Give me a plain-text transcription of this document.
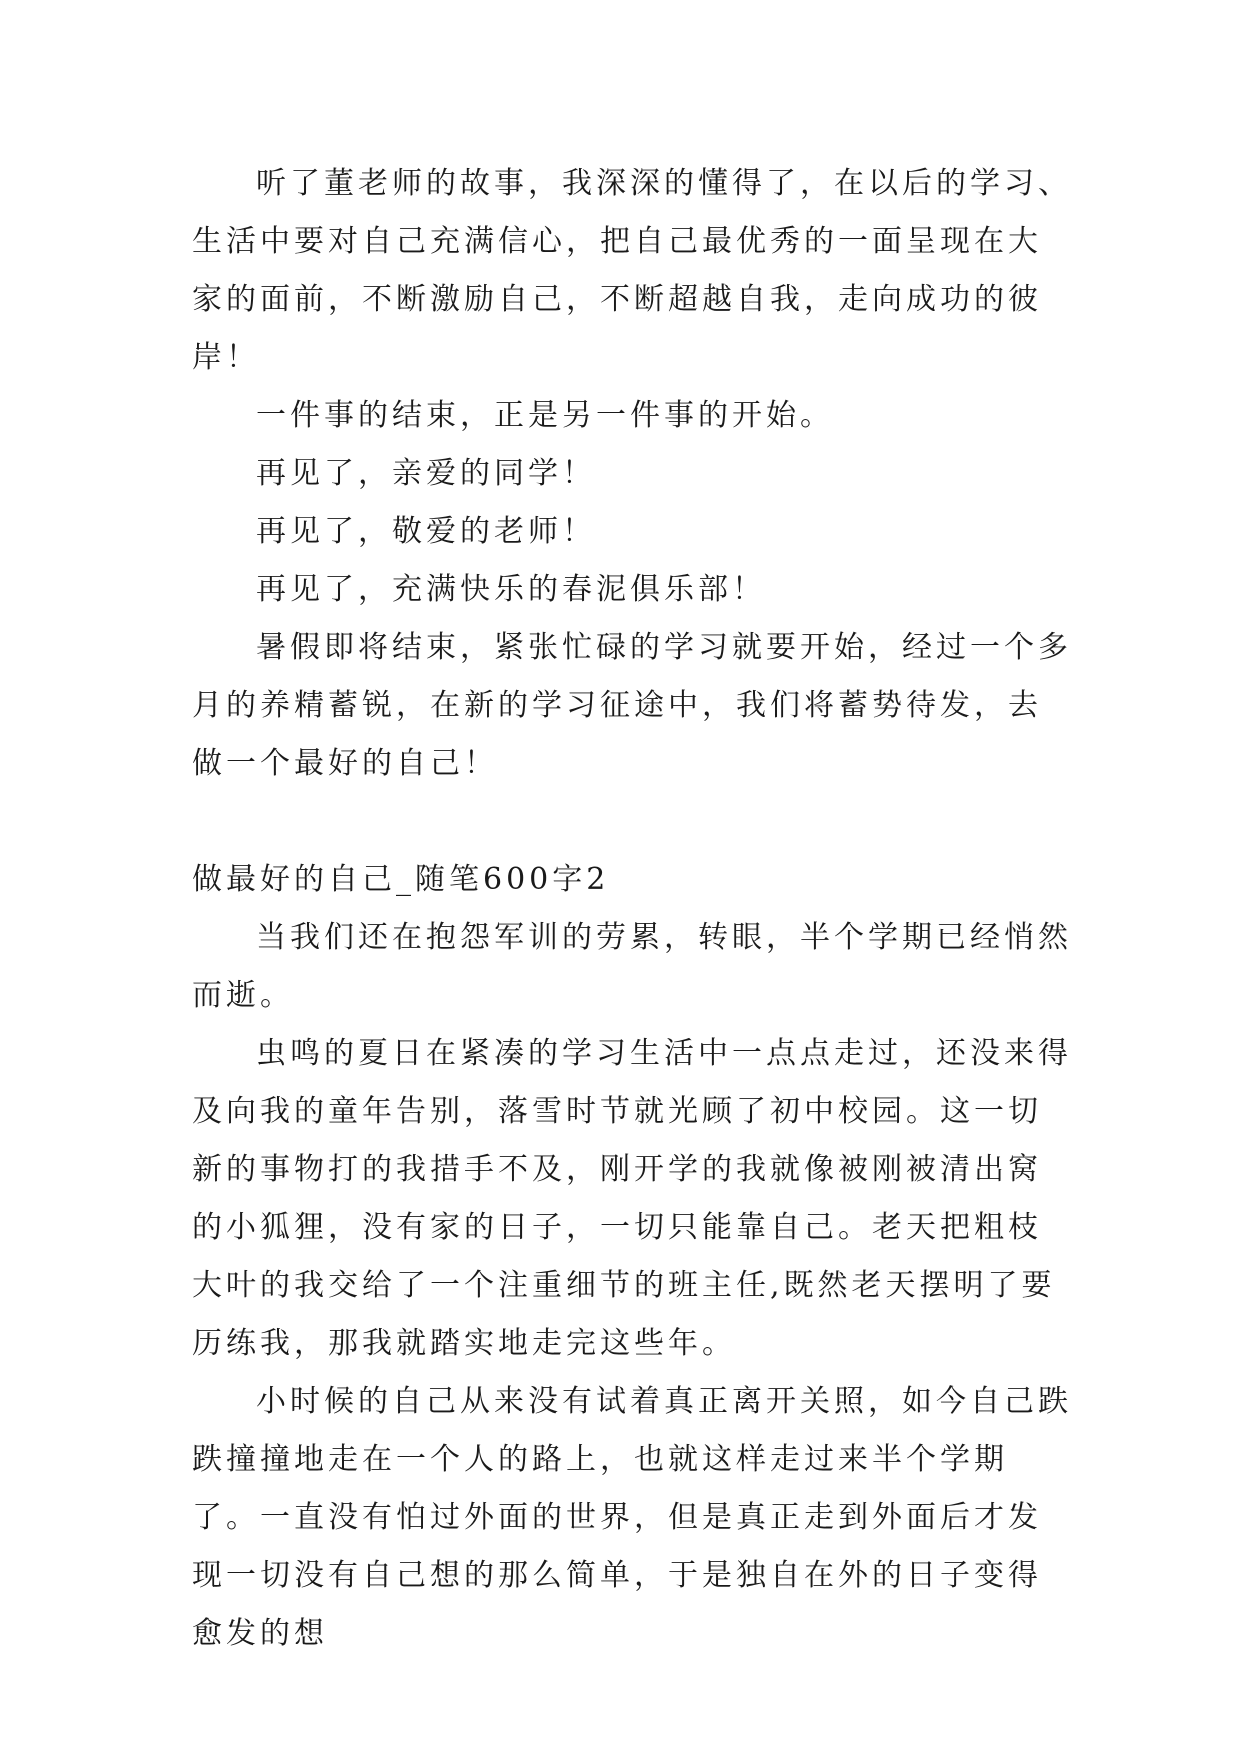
听了董老师的故事，我深深的懂得了，在以后的学习、生活中要对自己充满信心，把自己最优秀的一面呈现在大家的面前，不断激励自己，不断超越自我，走向成功的彼岸！

一件事的结束，正是另一件事的开始。

再见了，亲爱的同学！

再见了，敬爱的老师！

再见了，充满快乐的春泥俱乐部！

暑假即将结束，紧张忙碌的学习就要开始，经过一个多月的养精蓄锐，在新的学习征途中，我们将蓄势待发，去做一个最好的自己！

做最好的自己_随笔600字2

当我们还在抱怨军训的劳累，转眼，半个学期已经悄然而逝。

虫鸣的夏日在紧凑的学习生活中一点点走过，还没来得及向我的童年告别，落雪时节就光顾了初中校园。这一切新的事物打的我措手不及，刚开学的我就像被刚被清出窝的小狐狸，没有家的日子，一切只能靠自己。老天把粗枝大叶的我交给了一个注重细节的班主任,既然老天摆明了要历练我，那我就踏实地走完这些年。

小时候的自己从来没有试着真正离开关照，如今自己跌跌撞撞地走在一个人的路上，也就这样走过来半个学期了。一直没有怕过外面的世界，但是真正走到外面后才发现一切没有自己想的那么简单，于是独自在外的日子变得愈发的想
